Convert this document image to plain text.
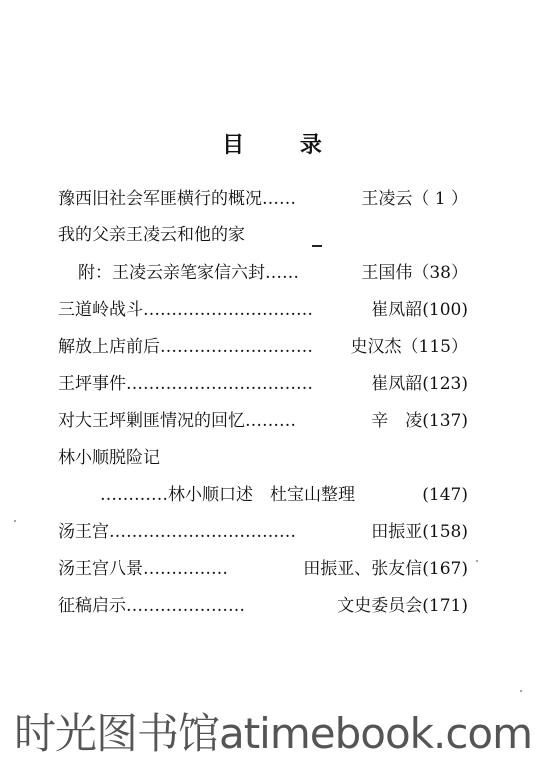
目 录
豫西旧社会军匪横行的概况……	王凌云（ 1 ）
我的父亲王凌云和他的家
附：王凌云亲笔家信六封……	王国伟（38）
三道岭战斗…………………………	崔凤韶(100)
解放上店前后……………………… 史汉杰（115）
王坪事件……………………………	崔凤韶(123)
对大王坪剿匪情况的回忆………	辛　凌(137)
林小顺脱险记
…………林小顺口述　杜宝山整理	(147)
汤王宫……………………………	田振亚(158)
汤王宫八景……………	田振亚、张友信(167)
征稿启示…………………	文史委员会(171)
时光图书馆atimebook.com
